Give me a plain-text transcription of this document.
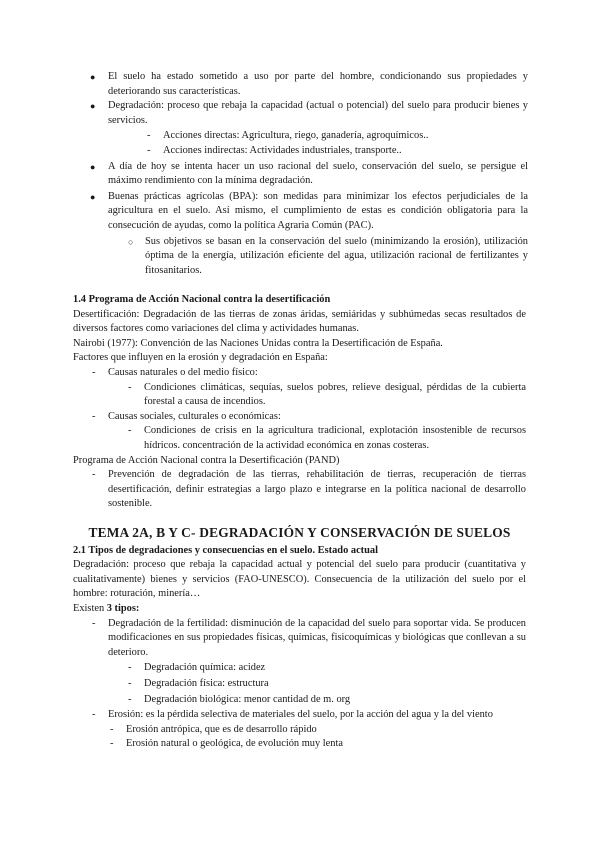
● El suelo ha estado sometido a uso por parte del hombre, condicionando sus propiedades y deteriorando sus características.

● Degradación: proceso que rebaja la capacidad (actual o potencial) del suelo para producir bienes y servicios.

- Acciones directas: Agricultura, riego, ganadería, agroquímicos..

- Acciones indirectas: Actividades industriales, transporte..

● A día de hoy se intenta hacer un uso racional del suelo, conservación del suelo, se persigue el máximo rendimiento con la mínima degradación.

● Buenas prácticas agrícolas (BPA): son medidas para minimizar los efectos perjudiciales de la agricultura en el suelo. Así mismo, el cumplimiento de estas es condición obligatoria para la consecución de ayudas, como la política Agraria Común (PAC).

○ Sus objetivos se basan en la conservación del suelo (minimizando la erosión), utilización óptima de la energía, utilización eficiente del agua, utilización racional de fertilizantes y fitosanitarios.

1.4 Programa de Acción Nacional contra la desertificación

Desertificación: Degradación de las tierras de zonas áridas, semiáridas y subhúmedas secas resultados de diversos factores como variaciones del clima y actividades humanas.

Nairobi (1977): Convención de las Naciones Unidas contra la Desertificación de España.

Factores que influyen en la erosión y degradación en España:

- Causas naturales o del medio físico:

- Condiciones climáticas, sequías, suelos pobres, relieve desigual, pérdidas de la cubierta forestal a causa de incendios.

- Causas sociales, culturales o económicas:

- Condiciones de crisis en la agricultura tradicional, explotación insostenible de recursos hídricos. concentración de la actividad económica en zonas costeras.

Programa de Acción Nacional contra la Desertificación (PAND)

- Prevención de degradación de las tierras, rehabilitación de tierras, recuperación de tierras desertificación, definir estrategias a largo plazo e integrarse en la política nacional de desarrollo sostenible.

TEMA 2A, B Y C- DEGRADACIÓN Y CONSERVACIÓN DE SUELOS

2.1 Tipos de degradaciones y consecuencias en el suelo. Estado actual

Degradación: proceso que rebaja la capacidad actual y potencial del suelo para producir (cuantitativa y cualitativamente) bienes y servicios (FAO-UNESCO). Consecuencia de la utilización del suelo por el hombre: roturación, minería…

Existen 3 tipos:

- Degradación de la fertilidad: disminución de la capacidad del suelo para soportar vida. Se producen modificaciones en sus propiedades físicas, químicas, fisicoquímicas y biológicas que conllevan a su deterioro.

- Degradación química: acidez

- Degradación física: estructura

- Degradación biológica: menor cantidad de m. org

- Erosión: es la pérdida selectiva de materiales del suelo, por la acción del agua y la del viento

- Erosión antrópica, que es de desarrollo rápido

- Erosión natural o geológica, de evolución muy lenta
